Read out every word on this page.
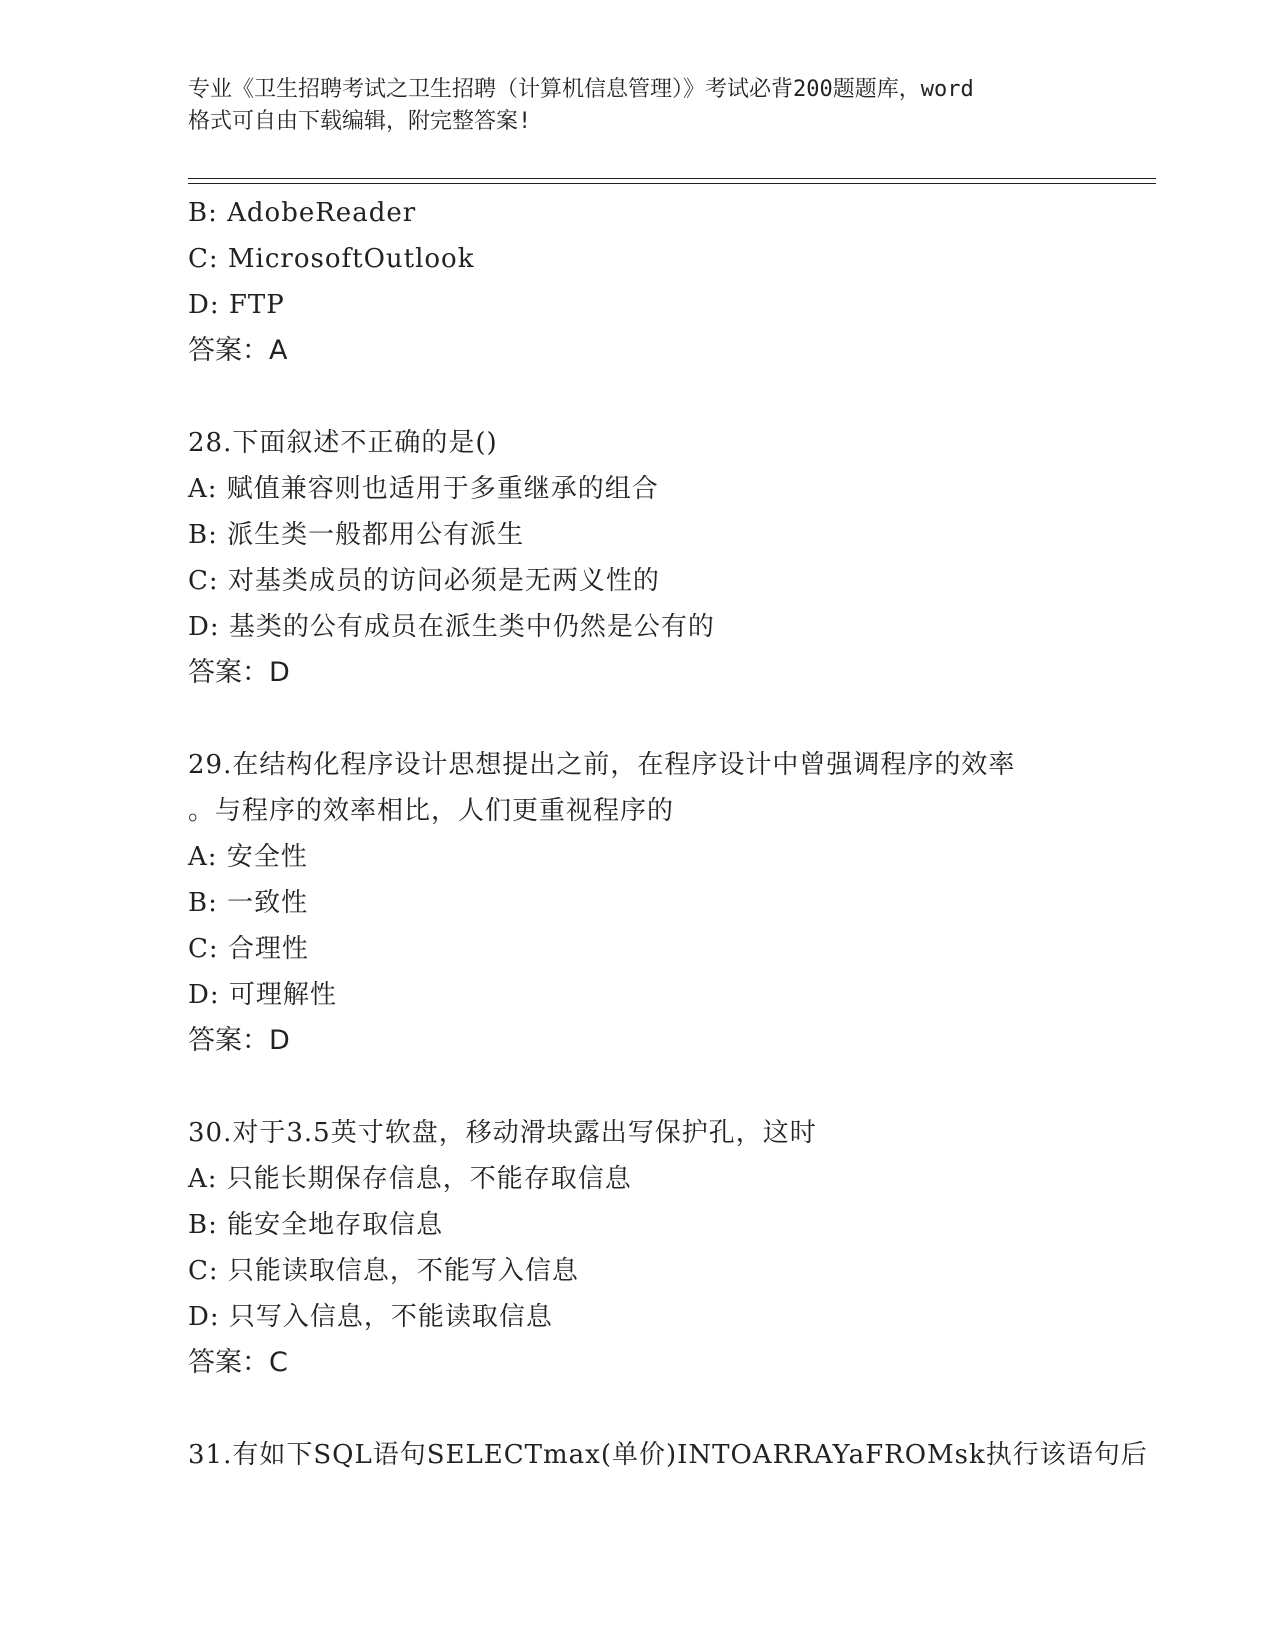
专业《卫生招聘考试之卫生招聘（计算机信息管理）》考试必背200题题库，word
格式可自由下载编辑，附完整答案!
B: AdobeReader
C: MicrosoftOutlook
D: FTP
答案：A
28.下面叙述不正确的是()
A: 赋值兼容则也适用于多重继承的组合
B: 派生类一般都用公有派生
C: 对基类成员的访问必须是无两义性的
D: 基类的公有成员在派生类中仍然是公有的
答案：D
29.在结构化程序设计思想提出之前，在程序设计中曾强调程序的效率
。与程序的效率相比，人们更重视程序的
A: 安全性
B: 一致性
C: 合理性
D: 可理解性
答案：D
30.对于3.5英寸软盘，移动滑块露出写保护孔，这时
A: 只能长期保存信息，不能存取信息
B: 能安全地存取信息
C: 只能读取信息，不能写入信息
D: 只写入信息，不能读取信息
答案：C
31.有如下SQL语句SELECTmax(单价)INTOARRAYaFROMsk执行该语句后
